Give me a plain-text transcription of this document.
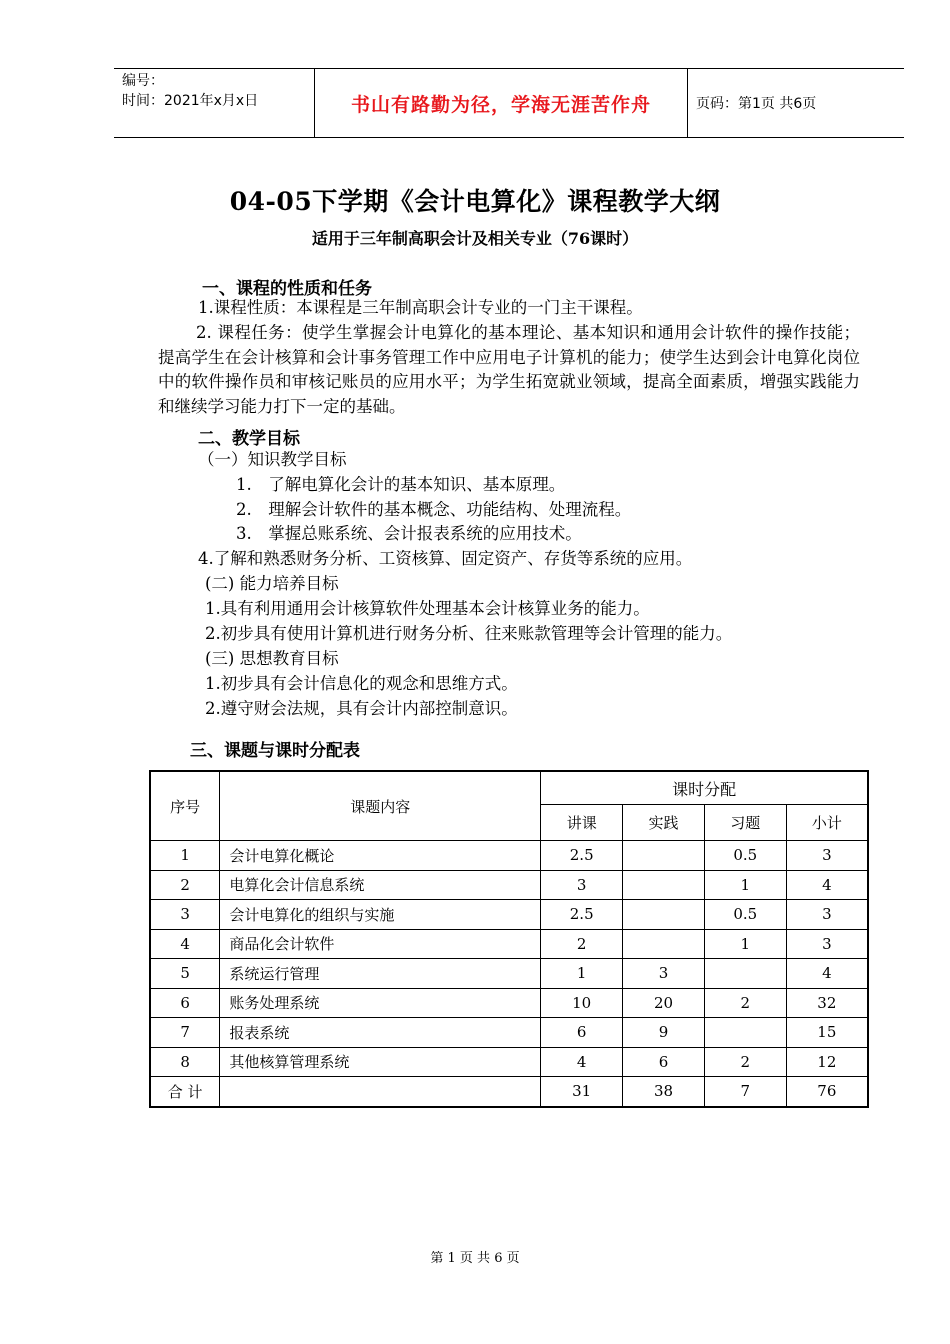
编号：
时间：2021年x月x日	书山有路勤为径，学海无涯苦作舟	页码：第1页 共6页
04-05下学期《会计电算化》课程教学大纲
适用于三年制高职会计及相关专业（76课时）
一、课程的性质和任务
1.课程性质：本课程是三年制高职会计专业的一门主干课程。
2. 课程任务：使学生掌握会计电算化的基本理论、基本知识和通用会计软件的操作技能；提高学生在会计核算和会计事务管理工作中应用电子计算机的能力；使学生达到会计电算化岗位中的软件操作员和审核记账员的应用水平；为学生拓宽就业领域，提高全面素质，增强实践能力和继续学习能力打下一定的基础。
二、教学目标
（一）知识教学目标
1.　了解电算化会计的基本知识、基本原理。
2.　理解会计软件的基本概念、功能结构、处理流程。
3.　掌握总账系统、会计报表系统的应用技术。
4.了解和熟悉财务分析、工资核算、固定资产、存货等系统的应用。
(二) 能力培养目标
1.具有利用通用会计核算软件处理基本会计核算业务的能力。
2.初步具有使用计算机进行财务分析、往来账款管理等会计管理的能力。
(三) 思想教育目标
1.初步具有会计信息化的观念和思维方式。
2.遵守财会法规，具有会计内部控制意识。
三、课题与课时分配表
序号	课题内容	课时分配			
		讲课	实践	习题	小计
1	会计电算化概论	2.5		0.5	3
2	电算化会计信息系统	3		1	4
3	会计电算化的组织与实施	2.5		0.5	3
4	商品化会计软件	2		1	3
5	系统运行管理	1	3		4
6	账务处理系统	10	20	2	32
7	报表系统	6	9		15
8	其他核算管理系统	4	6	2	12
合 计		31	38	7	76
第 1 页 共 6 页
